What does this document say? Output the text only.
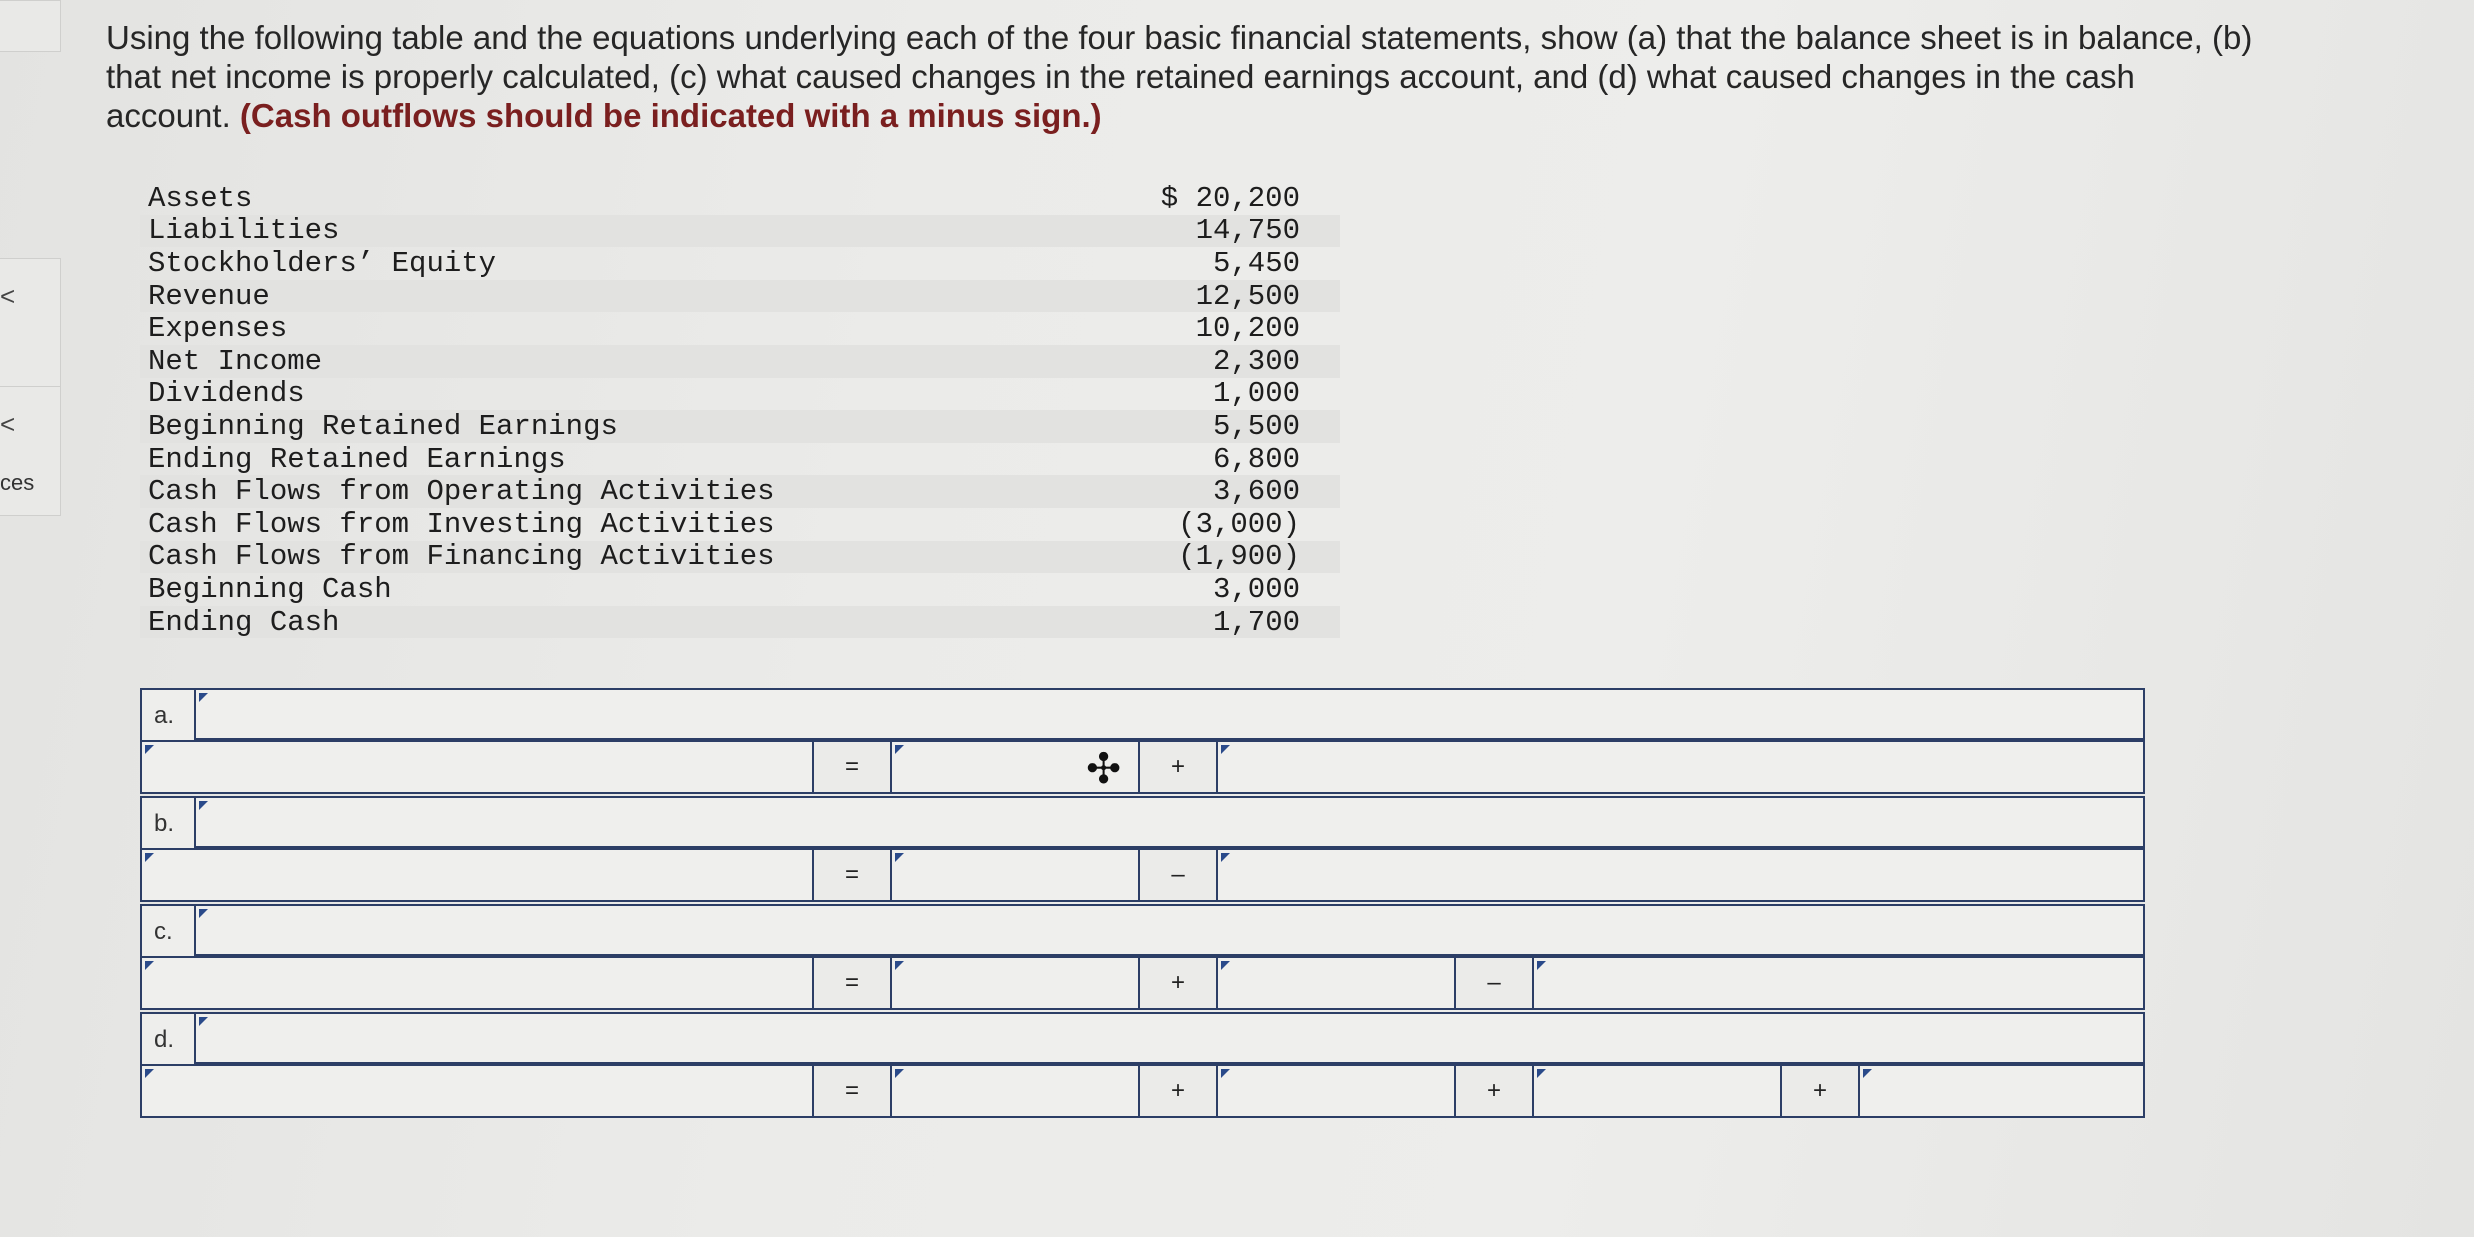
<
<
ces
Using the following table and the equations underlying each of the four basic financial statements, show (a) that the balance sheet is in balance, (b) that net income is properly calculated, (c) what caused changes in the retained earnings account, and (d) what caused changes in the cash account. (Cash outflows should be indicated with a minus sign.)
Assets	$ 20,200
Liabilities	14,750
Stockholders’ Equity	5,450
Revenue	12,500
Expenses	10,200
Net Income	2,300
Dividends	1,000
Beginning Retained Earnings	5,500
Ending Retained Earnings	6,800
Cash Flows from Operating Activities	3,600
Cash Flows from Investing Activities	(3,000)
Cash Flows from Financing Activities	(1,900)
Beginning Cash	3,000
Ending Cash	1,700
a.
=	+
✣
b.
=	–
c.
=	+	–
d.
=	+	+	+
